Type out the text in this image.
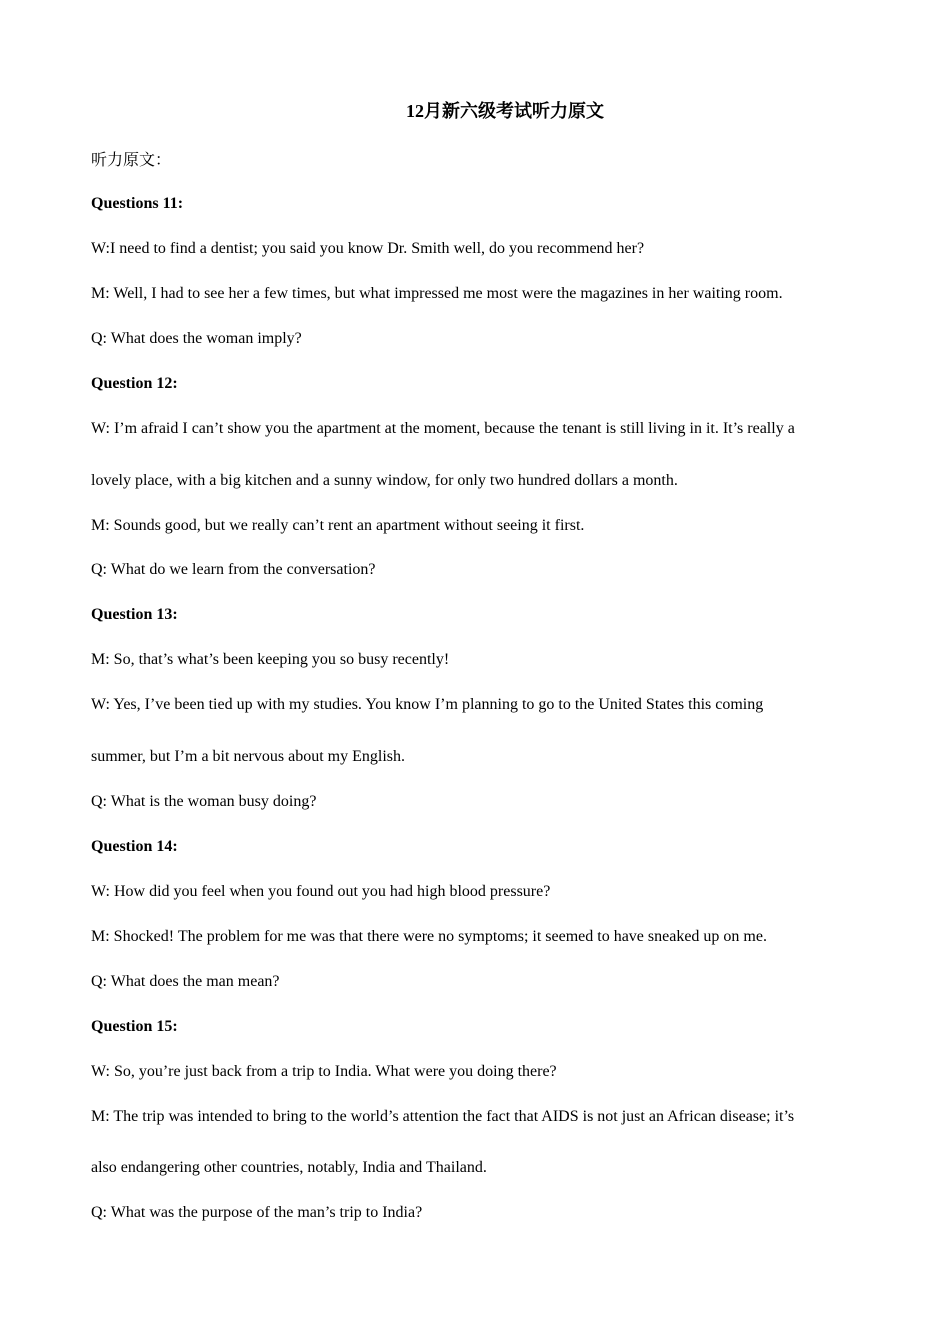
12月新六级考试听力原文
听力原文：
Questions 11:
W:I need to find a dentist; you said you know Dr. Smith well, do you recommend her?
M: Well, I had to see her a few times, but what impressed me most were the magazines in her waiting room.
Q: What does the woman imply?
Question 12:
W: I’m afraid I can’t show you the apartment at the moment, because the tenant is still living in it. It’s really a
lovely place, with a big kitchen and a sunny window, for only two hundred dollars a month.
M: Sounds good, but we really can’t rent an apartment without seeing it first.
Q: What do we learn from the conversation?
Question 13:
M: So, that’s what’s been keeping you so busy recently!
W: Yes, I’ve been tied up with my studies. You know I’m planning to go to the United States this coming
summer, but I’m a bit nervous about my English.
Q: What is the woman busy doing?
Question 14:
W: How did you feel when you found out you had high blood pressure?
M: Shocked! The problem for me was that there were no symptoms; it seemed to have sneaked up on me.
Q: What does the man mean?
Question 15:
W: So, you’re just back from a trip to India. What were you doing there?
M: The trip was intended to bring to the world’s attention the fact that AIDS is not just an African disease; it’s
also endangering other countries, notably, India and Thailand.
Q: What was the purpose of the man’s trip to India?
